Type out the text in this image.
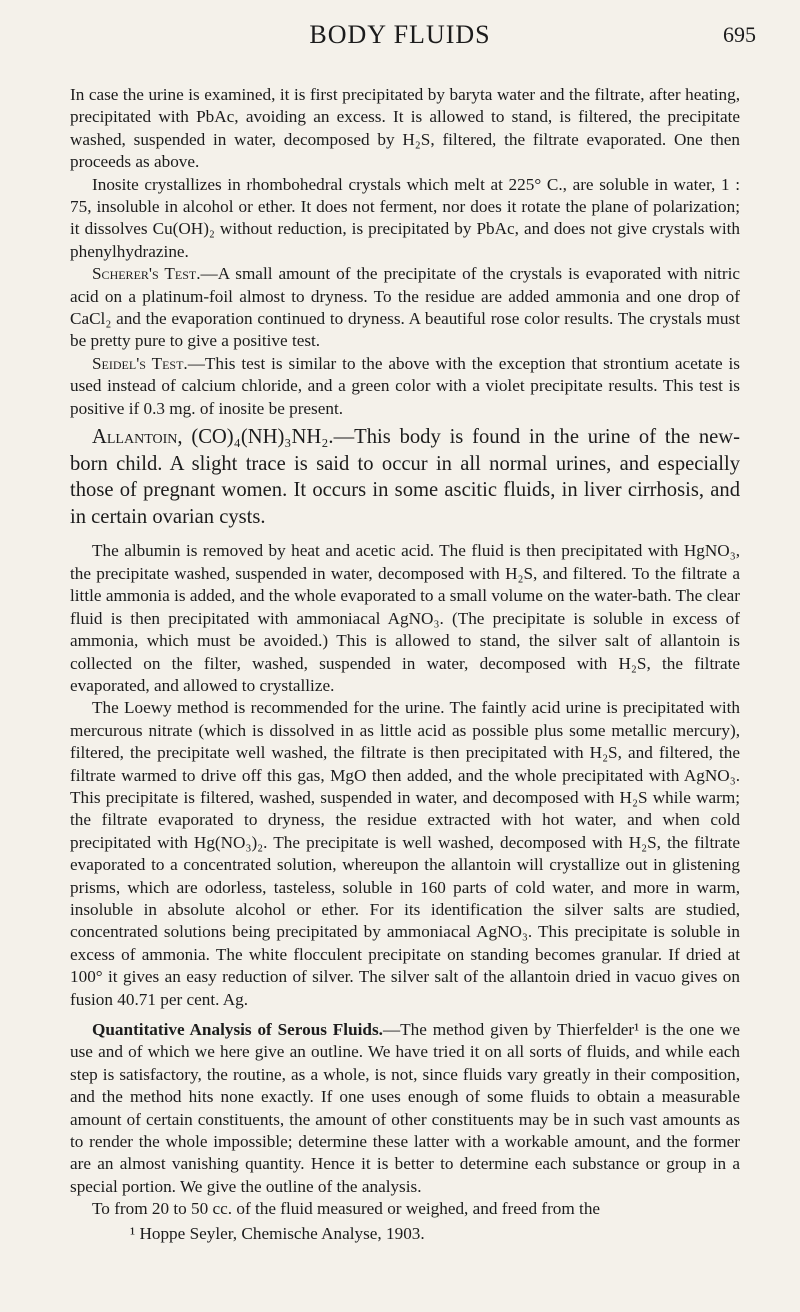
BODY FLUIDS	695

In case the urine is examined, it is first precipitated by baryta water and the filtrate, after heating, precipitated with PbAc, avoiding an excess. It is allowed to stand, is filtered, the precipitate washed, suspended in water, decomposed by H₂S, filtered, the filtrate evaporated. One then proceeds as above.

Inosite crystallizes in rhombohedral crystals which melt at 225° C., are soluble in water, 1 : 75, insoluble in alcohol or ether. It does not ferment, nor does it rotate the plane of polarization; it dissolves Cu(OH)₂ without reduction, is precipitated by PbAc, and does not give crystals with phenylhydrazine.

Scherer's Test.—A small amount of the precipitate of the crystals is evaporated with nitric acid on a platinum-foil almost to dryness. To the residue are added ammonia and one drop of CaCl₂ and the evaporation continued to dryness. A beautiful rose color results. The crystals must be pretty pure to give a positive test.

Seidel's Test.—This test is similar to the above with the exception that strontium acetate is used instead of calcium chloride, and a green color with a violet precipitate results. This test is positive if 0.3 mg. of inosite be present.

Allantoin, (CO)₄(NH)₃NH₂.—This body is found in the urine of the new-born child. A slight trace is said to occur in all normal urines, and especially those of pregnant women. It occurs in some ascitic fluids, in liver cirrhosis, and in certain ovarian cysts.

The albumin is removed by heat and acetic acid. The fluid is then precipitated with HgNO₃, the precipitate washed, suspended in water, decomposed with H₂S, and filtered. To the filtrate a little ammonia is added, and the whole evaporated to a small volume on the water-bath. The clear fluid is then precipitated with ammoniacal AgNO₃. (The precipitate is soluble in excess of ammonia, which must be avoided.) This is allowed to stand, the silver salt of allantoin is collected on the filter, washed, suspended in water, decomposed with H₂S, the filtrate evaporated, and allowed to crystallize.

The Loewy method is recommended for the urine. The faintly acid urine is precipitated with mercurous nitrate (which is dissolved in as little acid as possible plus some metallic mercury), filtered, the precipitate well washed, the filtrate is then precipitated with H₂S, and filtered, the filtrate warmed to drive off this gas, MgO then added, and the whole precipitated with AgNO₃. This precipitate is filtered, washed, suspended in water, and decomposed with H₂S while warm; the filtrate evaporated to dryness, the residue extracted with hot water, and when cold precipitated with Hg(NO₃)₂. The precipitate is well washed, decomposed with H₂S, the filtrate evaporated to a concentrated solution, whereupon the allantoin will crystallize out in glistening prisms, which are odorless, tasteless, soluble in 160 parts of cold water, and more in warm, insoluble in absolute alcohol or ether. For its identification the silver salts are studied, concentrated solutions being precipitated by ammoniacal AgNO₃. This precipitate is soluble in excess of ammonia. The white flocculent precipitate on standing becomes granular. If dried at 100° it gives an easy reduction of silver. The silver salt of the allantoin dried in vacuo gives on fusion 40.71 per cent. Ag.

Quantitative Analysis of Serous Fluids.—The method given by Thierfelder¹ is the one we use and of which we here give an outline. We have tried it on all sorts of fluids, and while each step is satisfactory, the routine, as a whole, is not, since fluids vary greatly in their composition, and the method hits none exactly. If one uses enough of some fluids to obtain a measurable amount of certain constituents, the amount of other constituents may be in such vast amounts as to render the whole impossible; determine these latter with a workable amount, and the former are an almost vanishing quantity. Hence it is better to determine each substance or group in a special portion. We give the outline of the analysis.

To from 20 to 50 cc. of the fluid measured or weighed, and freed from the

¹ Hoppe Seyler, Chemische Analyse, 1903.
